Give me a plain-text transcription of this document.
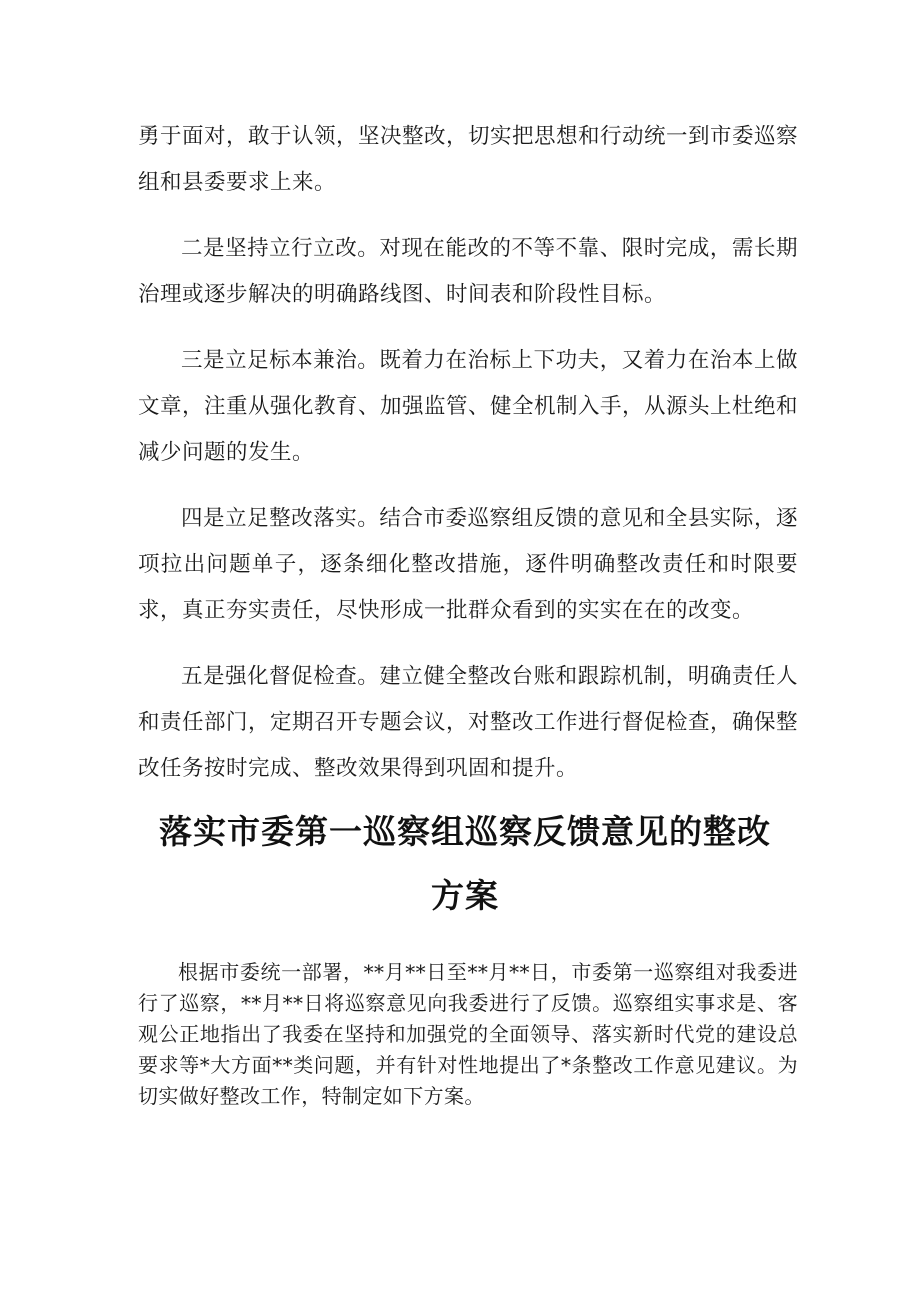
勇于面对，敢于认领，坚决整改，切实把思想和行动统一到市委巡察组和县委要求上来。

二是坚持立行立改。对现在能改的不等不靠、限时完成，需长期治理或逐步解决的明确路线图、时间表和阶段性目标。

三是立足标本兼治。既着力在治标上下功夫，又着力在治本上做文章，注重从强化教育、加强监管、健全机制入手，从源头上杜绝和减少问题的发生。

四是立足整改落实。结合市委巡察组反馈的意见和全县实际，逐项拉出问题单子，逐条细化整改措施，逐件明确整改责任和时限要求，真正夯实责任，尽快形成一批群众看到的实实在在的改变。

五是强化督促检查。建立健全整改台账和跟踪机制，明确责任人和责任部门，定期召开专题会议，对整改工作进行督促检查，确保整改任务按时完成、整改效果得到巩固和提升。

落实市委第一巡察组巡察反馈意见的整改
方案

根据市委统一部署，**月**日至**月**日，市委第一巡察组对我委进行了巡察，**月**日将巡察意见向我委进行了反馈。巡察组实事求是、客观公正地指出了我委在坚持和加强党的全面领导、落实新时代党的建设总要求等*大方面**类问题，并有针对性地提出了*条整改工作意见建议。为切实做好整改工作，特制定如下方案。
